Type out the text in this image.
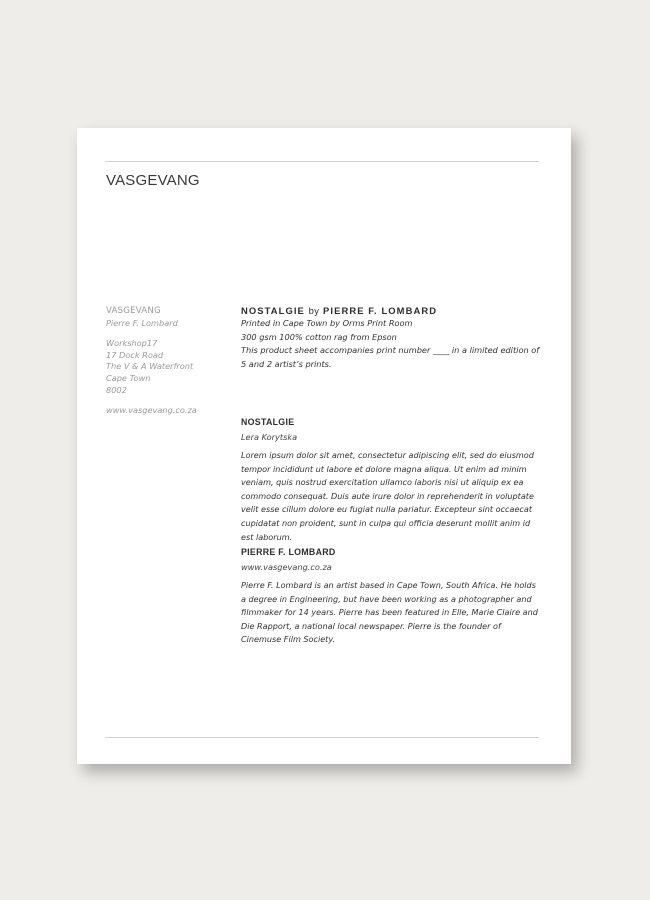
VASGEVANG
VASGEVANG
Pierre F. Lombard
Workshop17
17 Dock Road
The V & A Waterfront
Cape Town
8002
www.vasgevang.co.za

NOSTALGIE by PIERRE F. LOMBARD

Printed in Cape Town by Orms Print Room

300 gsm 100% cotton rag from Epson

This product sheet accompanies print number ____ in a limited edition of 5 and 2 artist’s prints.

NOSTALGIE

Lera Korytska

Lorem ipsum dolor sit amet, consectetur adipiscing elit, sed do eiusmod tempor incididunt ut labore et dolore magna aliqua. Ut enim ad minim veniam, quis nostrud exercitation ullamco laboris nisi ut aliquip ex ea commodo consequat. Duis aute irure dolor in reprehenderit in voluptate velit esse cillum dolore eu fugiat nulla pariatur. Excepteur sint occaecat cupidatat non proident, sunt in culpa qui officia deserunt mollit anim id est laborum.

PIERRE F. LOMBARD

www.vasgevang.co.za

Pierre F. Lombard is an artist based in Cape Town, South Africa. He holds a degree in Engineering, but have been working as a photographer and filmmaker for 14 years. Pierre has been featured in Elle, Marie Claire and Die Rapport, a national local newspaper. Pierre is the founder of Cinemuse Film Society.
